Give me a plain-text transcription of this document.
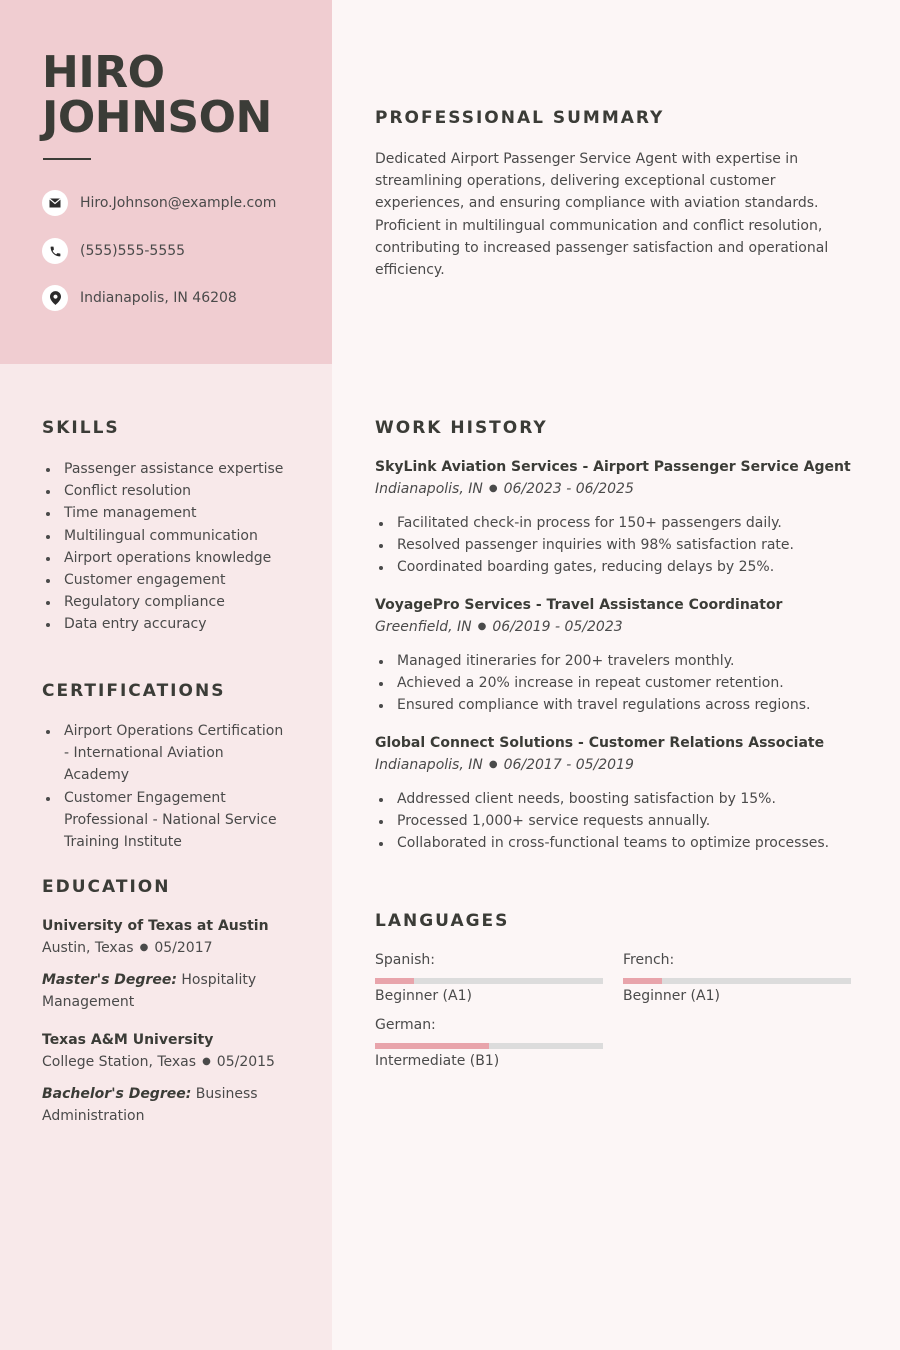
HIRO
JOHNSON
Hiro.Johnson@example.com
(555)555-5555
Indianapolis, IN 46208
PROFESSIONAL SUMMARY

Dedicated Airport Passenger Service Agent with expertise in streamlining operations, delivering exceptional customer experiences, and ensuring compliance with aviation standards. Proficient in multilingual communication and conflict resolution, contributing to increased passenger satisfaction and operational efficiency.

SKILLS
Passenger assistance expertise
Conflict resolution
Time management
Multilingual communication
Airport operations knowledge
Customer engagement
Regulatory compliance
Data entry accuracy
CERTIFICATIONS
Airport Operations Certification - International Aviation Academy
Customer Engagement Professional - National Service Training Institute
EDUCATION
University of Texas at Austin
Austin, Texas ● 05/2017
Master's Degree: Hospitality Management
Texas A&M University
College Station, Texas ● 05/2015
Bachelor's Degree: Business Administration
WORK HISTORY
SkyLink Aviation Services - Airport Passenger Service Agent
Indianapolis, IN ● 06/2023 - 06/2025
Facilitated check-in process for 150+ passengers daily.
Resolved passenger inquiries with 98% satisfaction rate.
Coordinated boarding gates, reducing delays by 25%.
VoyagePro Services - Travel Assistance Coordinator
Greenfield, IN ● 06/2019 - 05/2023
Managed itineraries for 200+ travelers monthly.
Achieved a 20% increase in repeat customer retention.
Ensured compliance with travel regulations across regions.
Global Connect Solutions - Customer Relations Associate
Indianapolis, IN ● 06/2017 - 05/2019
Addressed client needs, boosting satisfaction by 15%.
Processed 1,000+ service requests annually.
Collaborated in cross-functional teams to optimize processes.
LANGUAGES
Spanish:
Beginner (A1)
French:
Beginner (A1)
German:
Intermediate (B1)
